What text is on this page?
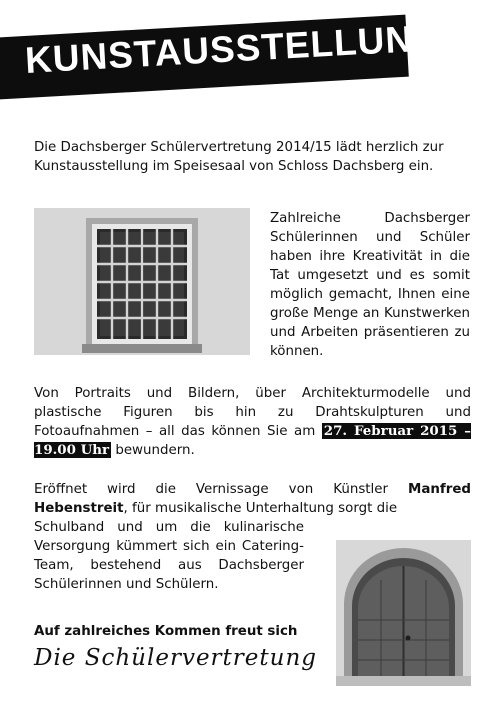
KUNSTAUSSTELLUNG

Die Dachsberger Schülervertretung 2014/15 lädt herzlich zur Kunstausstellung im Speisesaal von Schloss Dachsberg ein.

Zahlreiche Dachsberger Schülerinnen und Schüler haben ihre Kreativität in die Tat umgesetzt und es somit möglich gemacht, Ihnen eine große Menge an Kunstwerken und Arbeiten präsentieren zu können.

Von Portraits und Bildern, über Architekturmodelle und plastische Figuren bis hin zu Drahtskulpturen und Fotoaufnahmen – all das können Sie am 27. Februar 2015 – 19.00 Uhr bewundern.

Eröffnet wird die Vernissage von Künstler Manfred Hebenstreit, für musikalische Unterhaltung sorgt die

Schulband und um die kulinarische Versorgung kümmert sich ein Catering-Team, bestehend aus Dachsberger Schülerinnen und Schülern.

Auf zahlreiches Kommen freut sich

Die Schülervertretung
